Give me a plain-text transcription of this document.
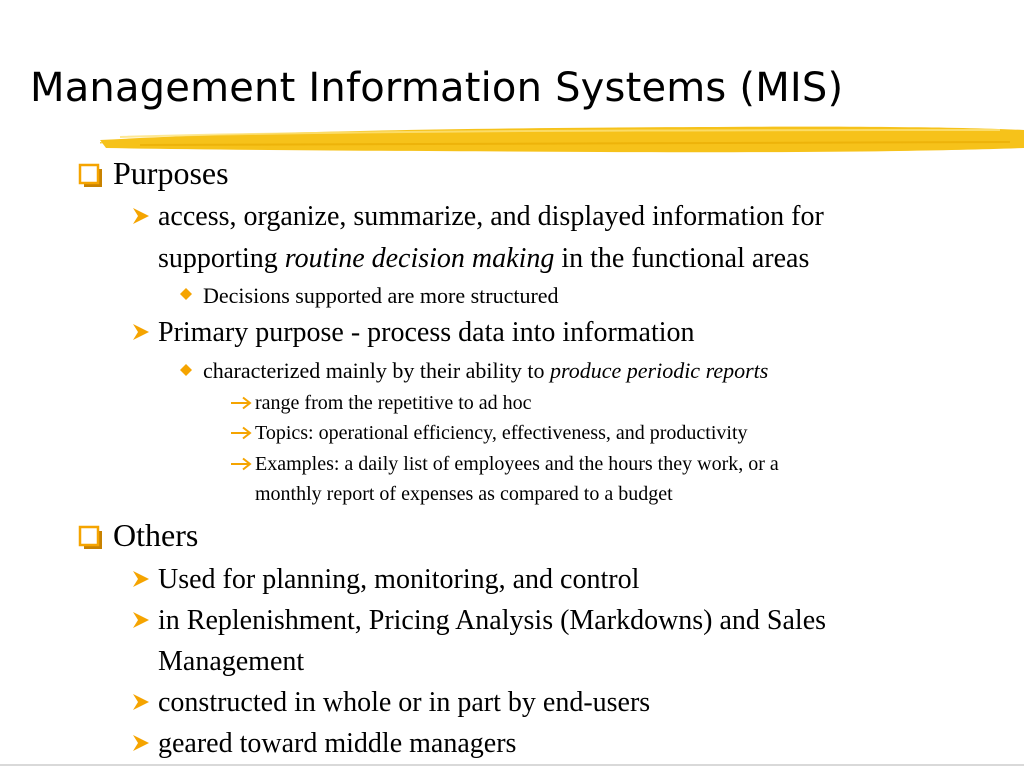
Management Information Systems (MIS)
Purposes
access, organize, summarize, and displayed information for
supporting routine decision making in the functional areas
Decisions supported are more structured
Primary purpose - process data into information
characterized mainly by their ability to produce periodic reports
range from the repetitive to ad hoc
Topics: operational efficiency, effectiveness, and productivity
Examples: a daily list of employees and the hours they work, or a
monthly report of expenses as compared to a budget
Others
Used for planning, monitoring, and control
in Replenishment, Pricing Analysis (Markdowns) and Sales
Management
constructed in whole or in part by end-users
geared toward middle managers
